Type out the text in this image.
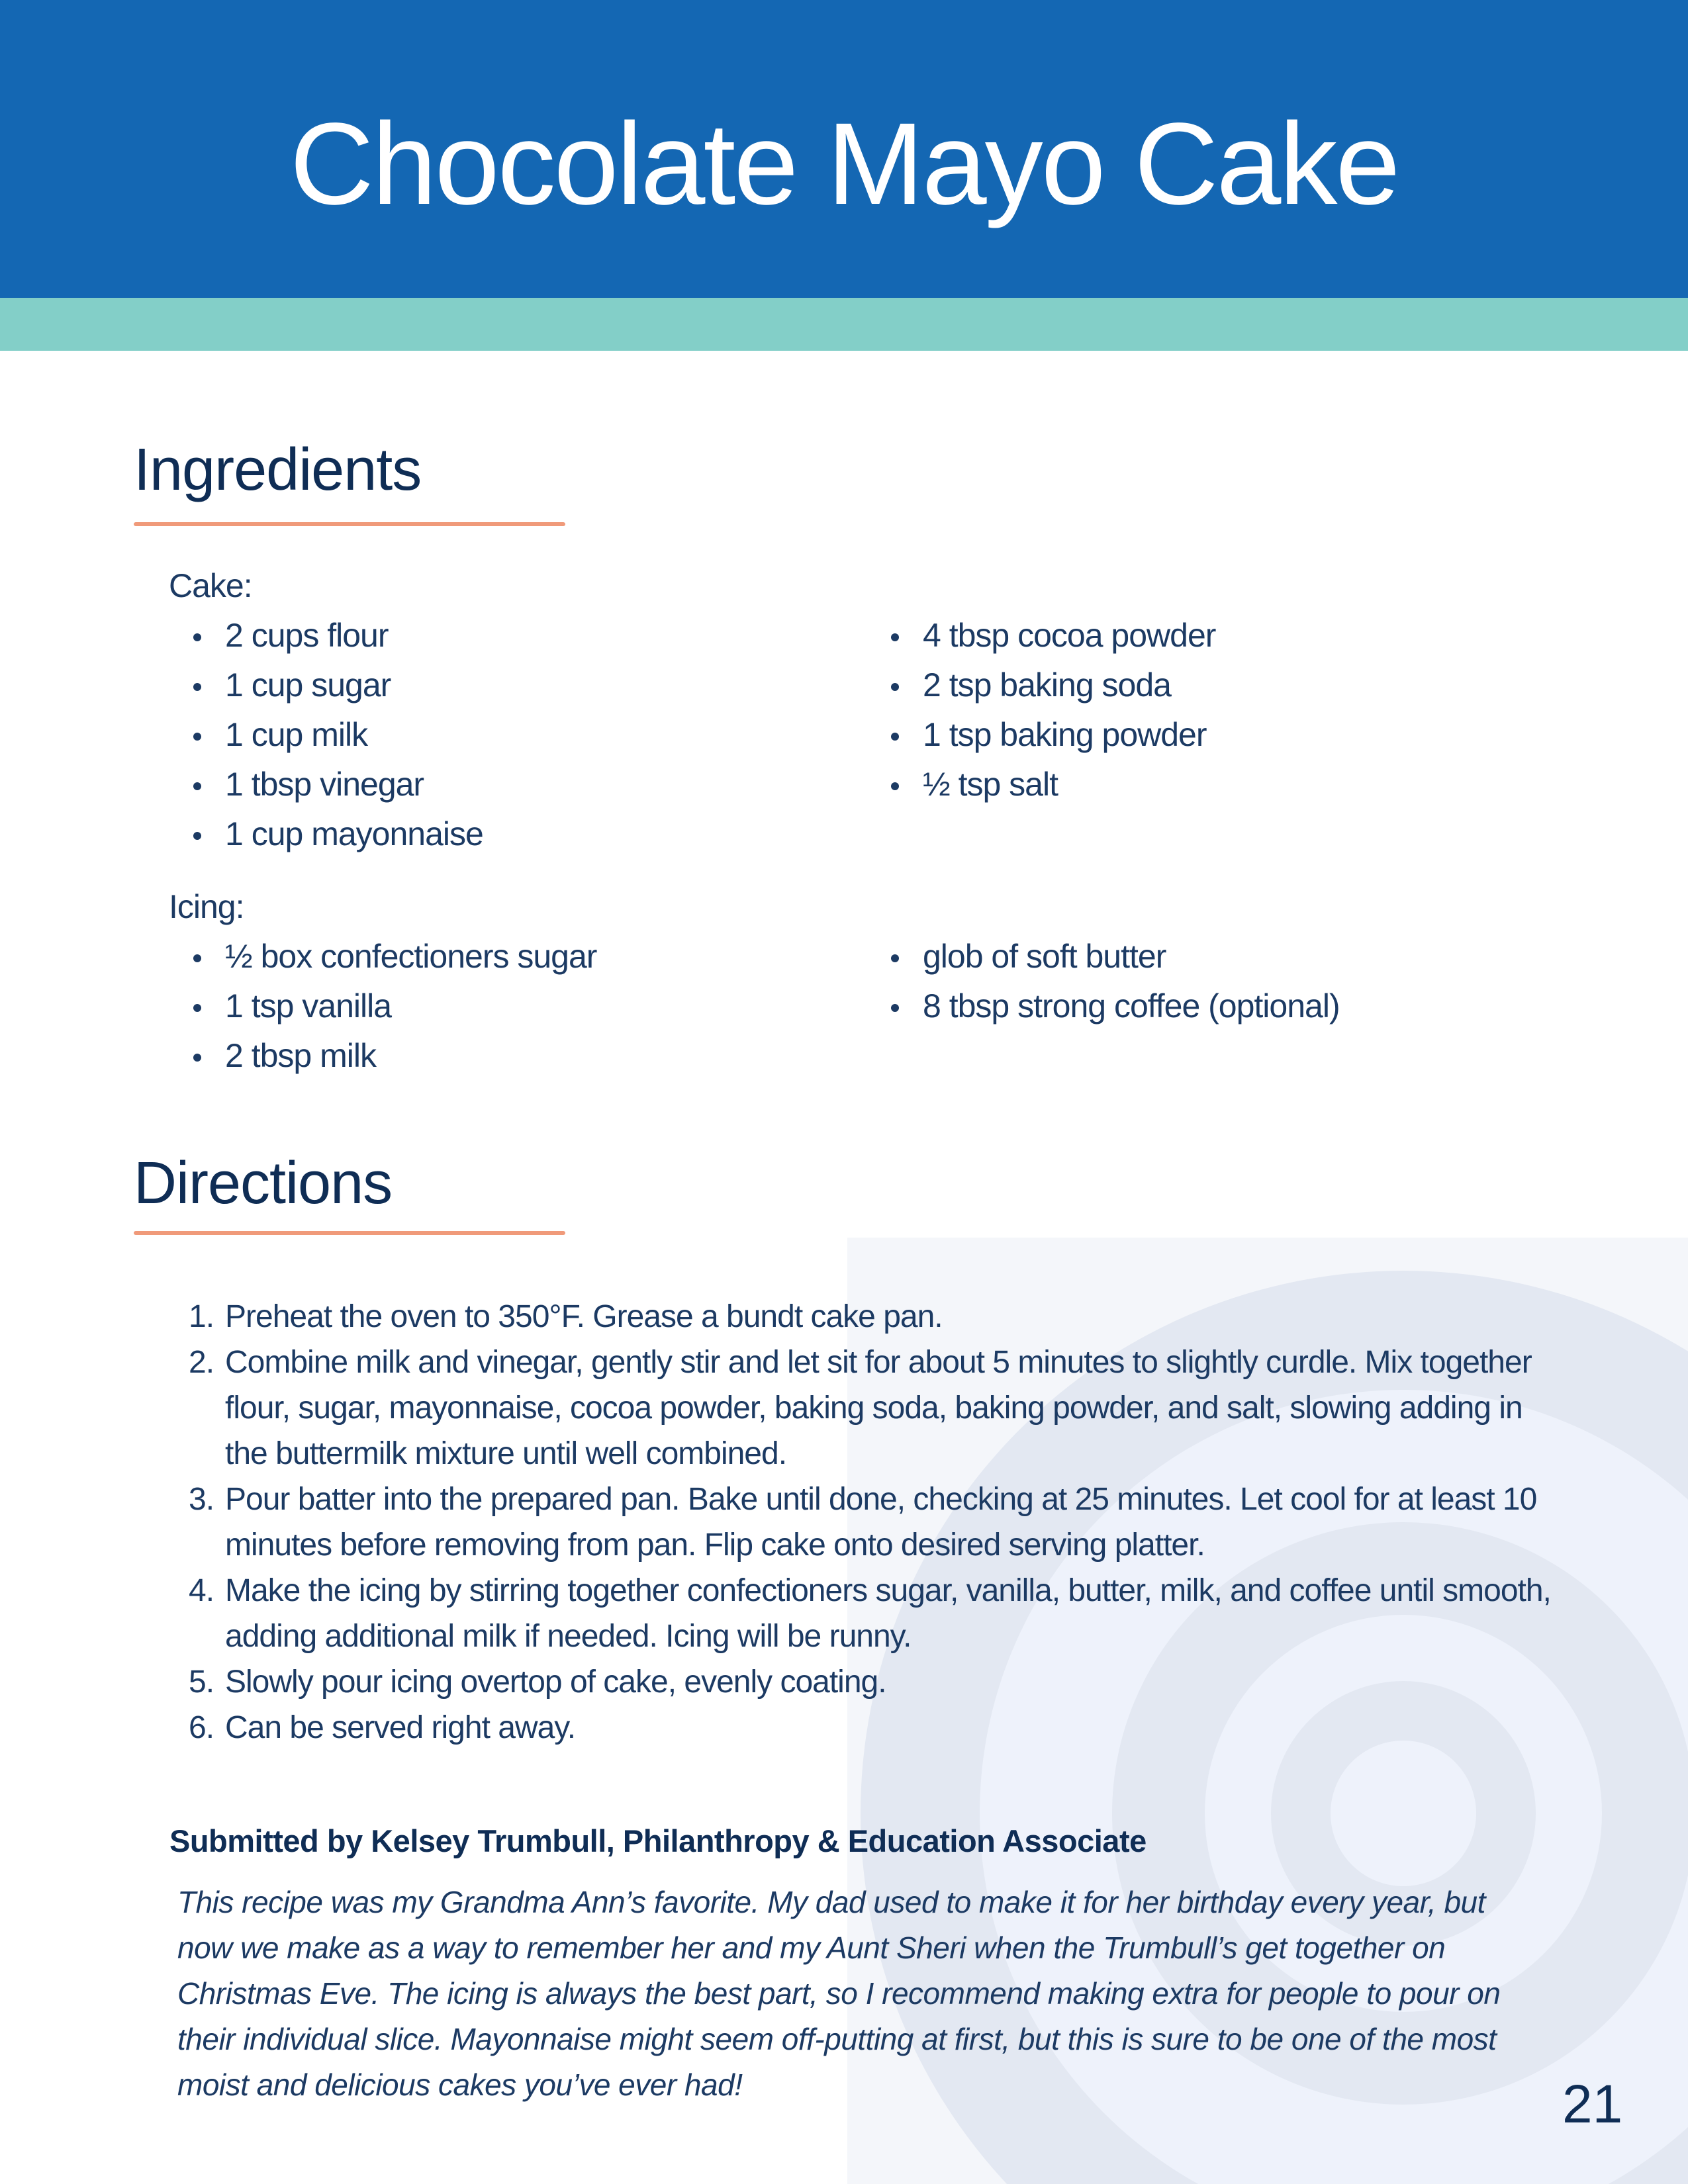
Chocolate Mayo Cake
Ingredients
Cake:
2 cups flour
1 cup sugar
1 cup milk
1 tbsp vinegar
1 cup mayonnaise
4 tbsp cocoa powder
2 tsp baking soda
1 tsp baking powder
½ tsp salt
Icing:
½ box confectioners sugar
1 tsp vanilla
2 tbsp milk
glob of soft butter
8 tbsp strong coffee (optional)
Directions
1. Preheat the oven to 350°F. Grease a bundt cake pan.
2. Combine milk and vinegar, gently stir and let sit for about 5 minutes to slightly curdle. Mix together flour, sugar, mayonnaise, cocoa powder, baking soda, baking powder, and salt, slowing adding in the buttermilk mixture until well combined.
3. Pour batter into the prepared pan. Bake until done, checking at 25 minutes. Let cool for at least 10 minutes before removing from pan. Flip cake onto desired serving platter.
4. Make the icing by stirring together confectioners sugar, vanilla, butter, milk, and coffee until smooth, adding additional milk if needed. Icing will be runny.
5. Slowly pour icing overtop of cake, evenly coating.
6. Can be served right away.
Submitted by Kelsey Trumbull, Philanthropy & Education Associate

This recipe was my Grandma Ann’s favorite. My dad used to make it for her birthday every year, but now we make as a way to remember her and my Aunt Sheri when the Trumbull’s get together on Christmas Eve. The icing is always the best part, so I recommend making extra for people to pour on their individual slice. Mayonnaise might seem off-putting at first, but this is sure to be one of the most moist and delicious cakes you’ve ever had!	21
